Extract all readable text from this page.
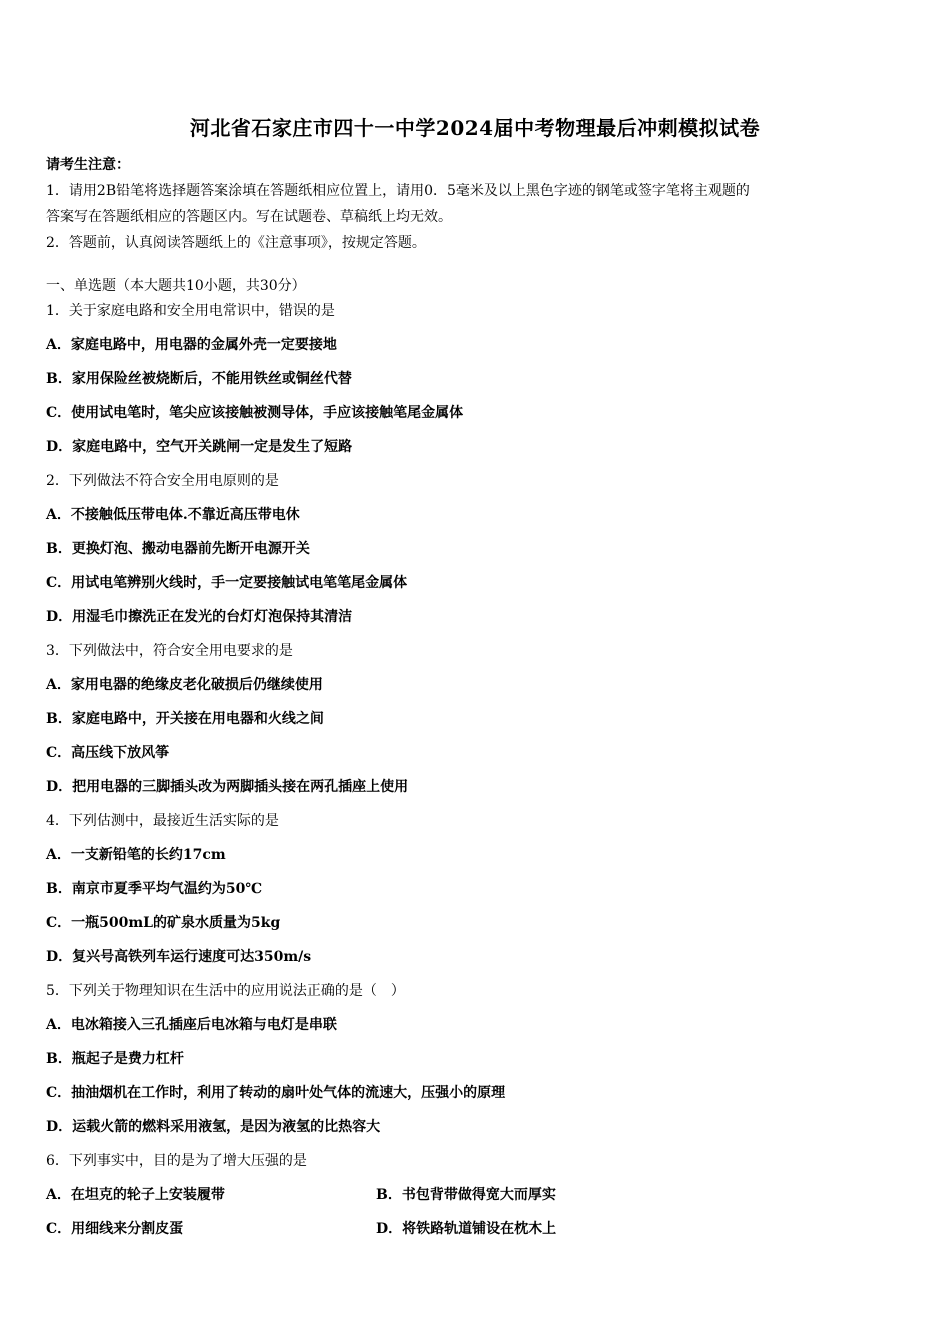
河北省石家庄市四十一中学2024届中考物理最后冲刺模拟试卷
请考生注意：
1．请用2B铅笔将选择题答案涂填在答题纸相应位置上，请用0．5毫米及以上黑色字迹的钢笔或签字笔将主观题的
答案写在答题纸相应的答题区内。写在试题卷、草稿纸上均无效。
2．答题前，认真阅读答题纸上的《注意事项》，按规定答题。
一、单选题（本大题共10小题，共30分）
1．关于家庭电路和安全用电常识中，错误的是
A．家庭电路中，用电器的金属外壳一定要接地
B．家用保险丝被烧断后，不能用铁丝或铜丝代替
C．使用试电笔时，笔尖应该接触被测导体，手应该接触笔尾金属体
D．家庭电路中，空气开关跳闸一定是发生了短路
2．下列做法不符合安全用电原则的是
A．不接触低压带电体.不靠近高压带电休
B．更换灯泡、搬动电器前先断开电源开关
C．用试电笔辨别火线时，手一定要接触试电笔笔尾金属体
D．用湿毛巾擦洗正在发光的台灯灯泡保持其清洁
3．下列做法中，符合安全用电要求的是
A．家用电器的绝缘皮老化破损后仍继续使用
B．家庭电路中，开关接在用电器和火线之间
C．高压线下放风筝
D．把用电器的三脚插头改为两脚插头接在两孔插座上使用
4．下列估测中，最接近生活实际的是
A．一支新铅笔的长约17cm
B．南京市夏季平均气温约为50℃
C．一瓶500mL的矿泉水质量为5kg
D．复兴号高铁列车运行速度可达350m/s
5．下列关于物理知识在生活中的应用说法正确的是（　）
A．电冰箱接入三孔插座后电冰箱与电灯是串联
B．瓶起子是费力杠杆
C．抽油烟机在工作时，利用了转动的扇叶处气体的流速大，压强小的原理
D．运载火箭的燃料采用液氢，是因为液氢的比热容大
6．下列事实中，目的是为了增大压强的是
A．在坦克的轮子上安装履带	B．书包背带做得宽大而厚实
C．用细线来分割皮蛋	D．将铁路轨道铺设在枕木上
